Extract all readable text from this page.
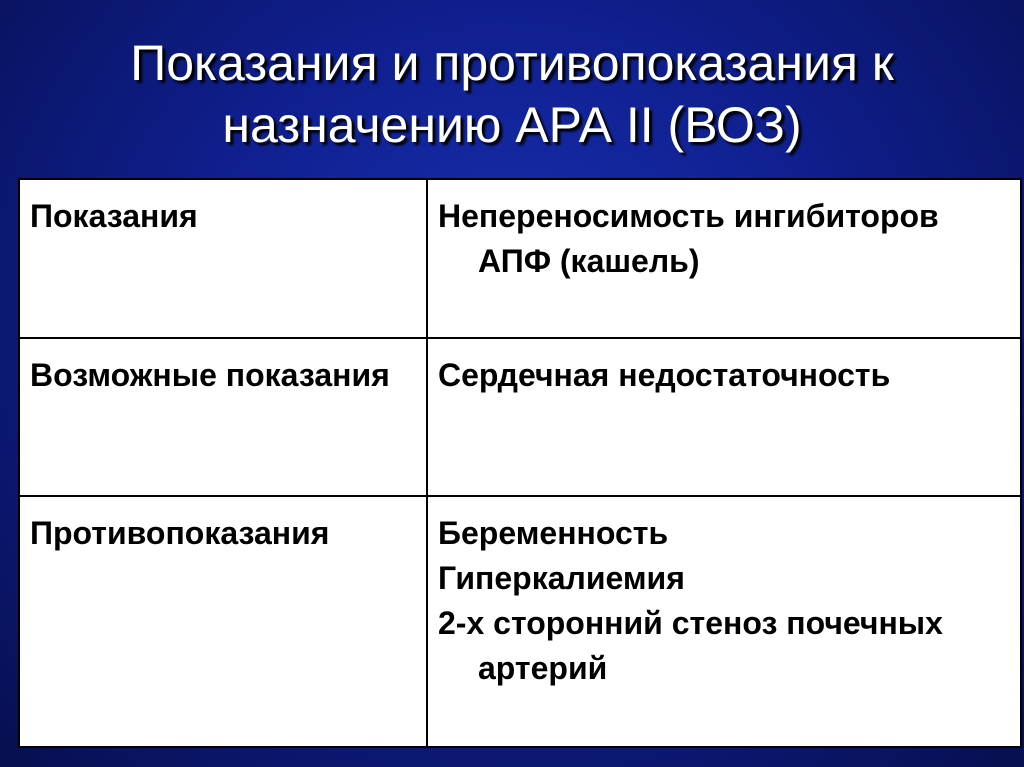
Показания и противопоказания к
назначению АРА II (ВОЗ)
Показания	Непереносимость ингибиторов АПФ (кашель)

Возможные показания	Сердечная недостаточность

Противопоказания	Беременность
Гиперкалиемия
2-х сторонний стеноз почечных артерий
